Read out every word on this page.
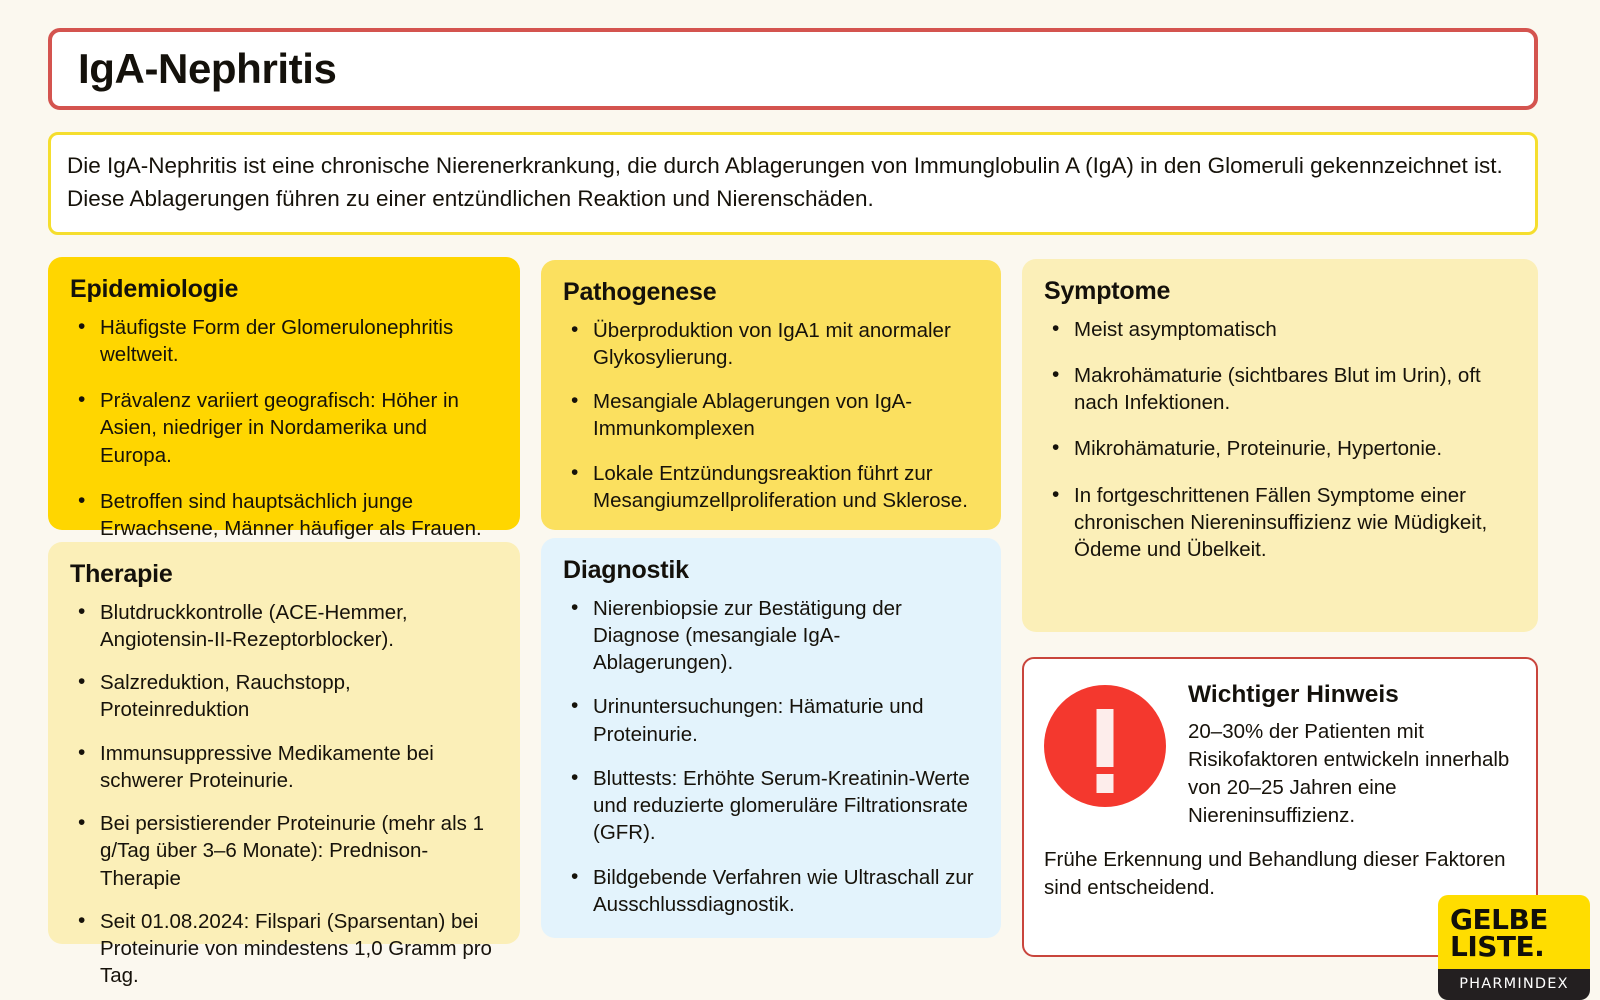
IgA-Nephritis

Die IgA-Nephritis ist eine chronische Nierenerkrankung, die durch Ablagerungen von Immunglobulin A (IgA) in den Glomeruli gekennzeichnet ist. Diese Ablagerungen führen zu einer entzündlichen Reaktion und Nierenschäden.

Epidemiologie
• Häufigste Form der Glomerulonephritis weltweit.
• Prävalenz variiert geografisch: Höher in Asien, niedriger in Nordamerika und Europa.
• Betroffen sind hauptsächlich junge Erwachsene, Männer häufiger als Frauen.
Therapie
• Blutdruckkontrolle (ACE-Hemmer, Angiotensin-II-Rezeptorblocker).
• Salzreduktion, Rauchstopp, Proteinreduktion
• Immunsuppressive Medikamente bei schwerer Proteinurie.
• Bei persistierender Proteinurie (mehr als 1 g/Tag über 3–6 Monate): Prednison-Therapie
• Seit 01.08.2024: Filspari (Sparsentan) bei Proteinurie von mindestens 1,0 Gramm pro Tag.
Pathogenese
• Überproduktion von IgA1 mit anormaler Glykosylierung.
• Mesangiale Ablagerungen von IgA-Immunkomplexen
• Lokale Entzündungsreaktion führt zur Mesangiumzellproliferation und Sklerose.
Diagnostik
• Nierenbiopsie zur Bestätigung der Diagnose (mesangiale IgA-Ablagerungen).
• Urinuntersuchungen: Hämaturie und Proteinurie.
• Bluttests: Erhöhte Serum-Kreatinin-Werte und reduzierte glomeruläre Filtrationsrate (GFR).
• Bildgebende Verfahren wie Ultraschall zur Ausschlussdiagnostik.
Symptome
• Meist asymptomatisch
• Makrohämaturie (sichtbares Blut im Urin), oft nach Infektionen.
• Mikrohämaturie, Proteinurie, Hypertonie.
• In fortgeschrittenen Fällen Symptome einer chronischen Niereninsuffizienz wie Müdigkeit, Ödeme und Übelkeit.
Wichtiger Hinweis

20–30% der Patienten mit Risikofaktoren entwickeln innerhalb von 20–25 Jahren eine Niereninsuffizienz.

Frühe Erkennung und Behandlung dieser Faktoren sind entscheidend.

GELBE
LISTE.
PHARMINDEX
